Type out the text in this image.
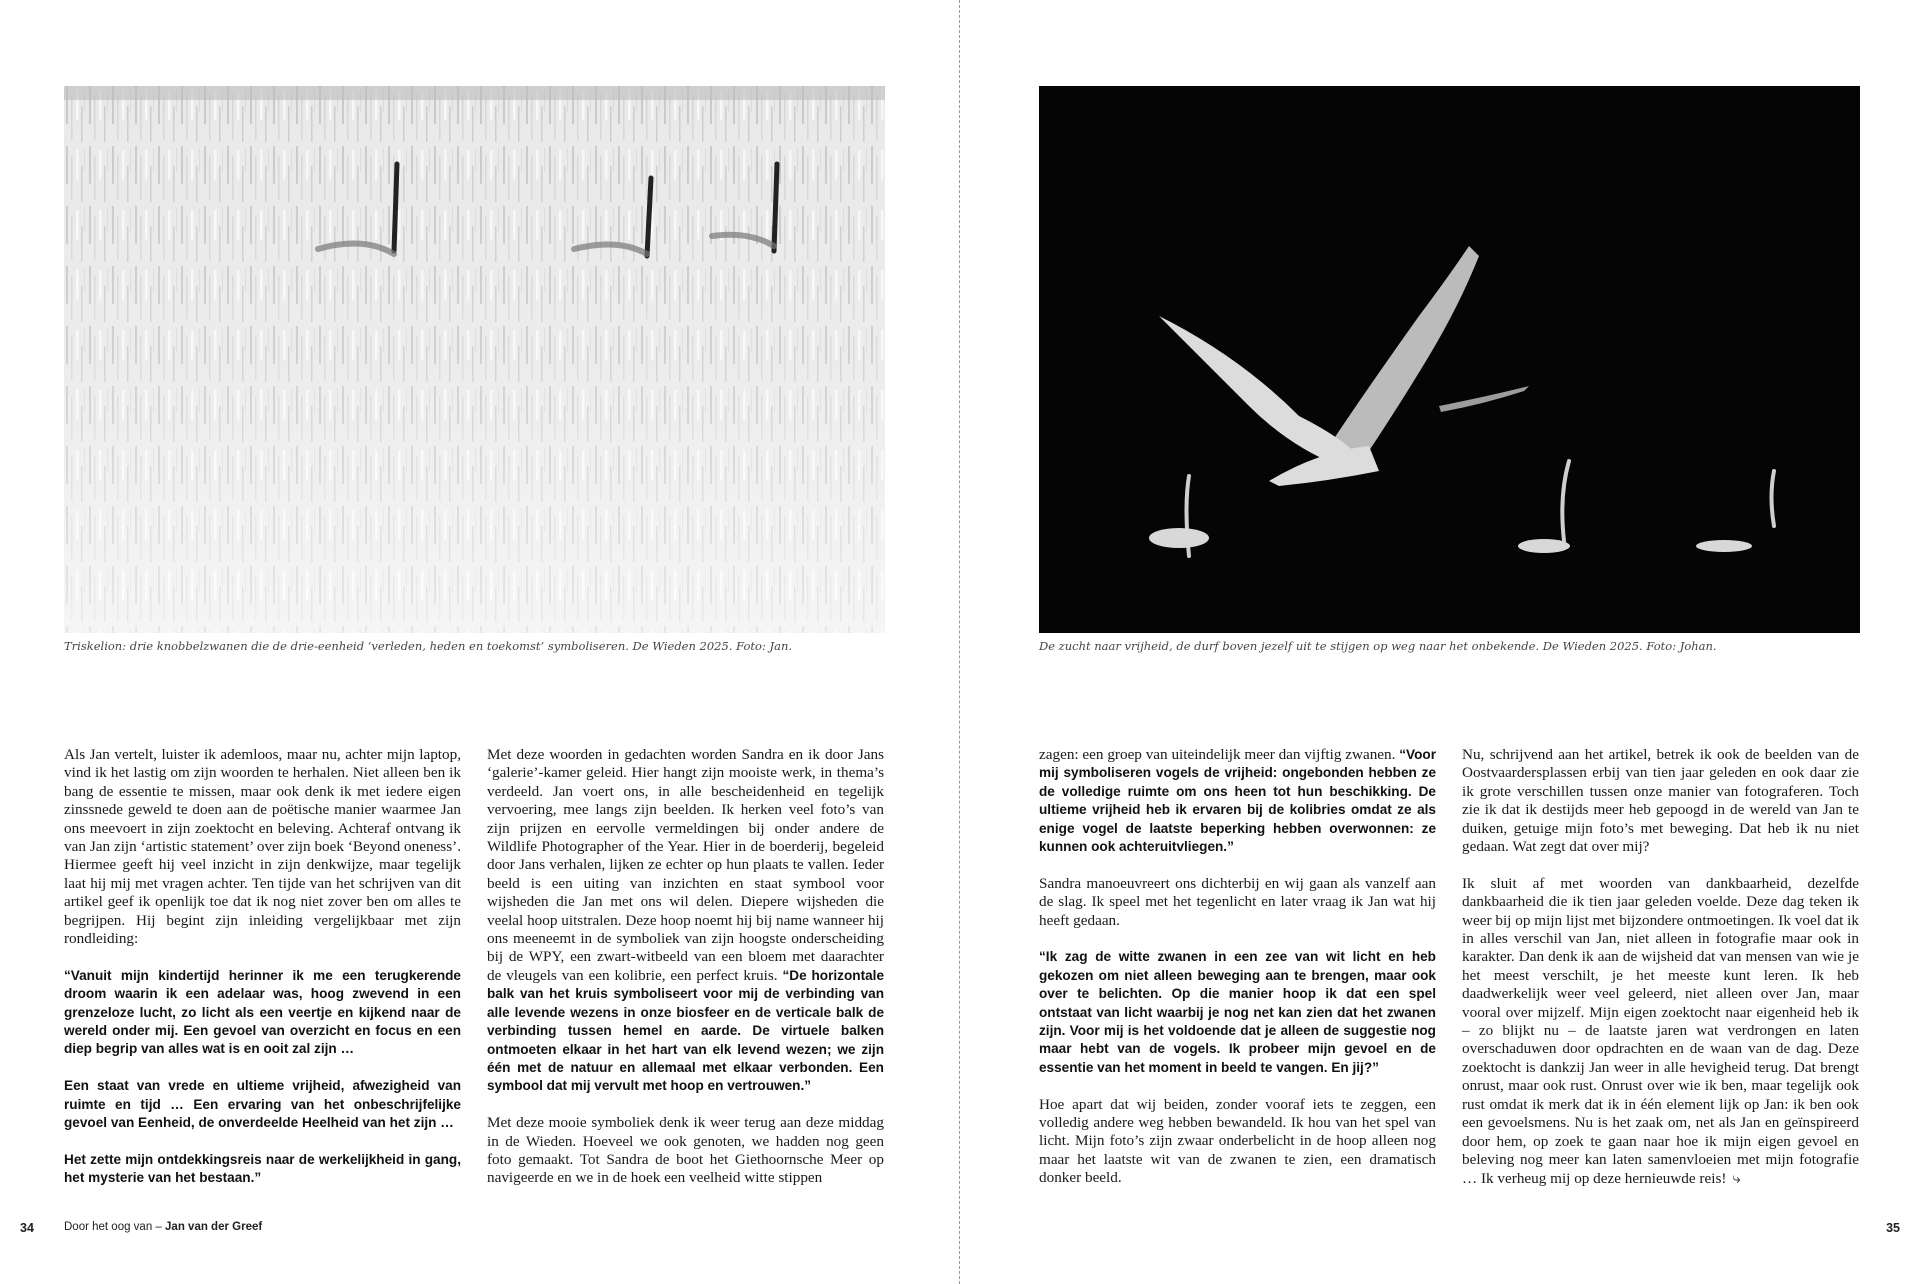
Triskelion: drie knobbelzwanen die de drie-eenheid ‘verleden, heden en toekomst’ symboliseren. De Wieden 2025. Foto: Jan.	De zucht naar vrijheid, de durf boven jezelf uit te stijgen op weg naar het onbekende. De Wieden 2025. Foto: Johan.

Als Jan vertelt, luister ik ademloos, maar nu, achter mijn laptop, vind ik het lastig om zijn woorden te herhalen. Niet alleen ben ik bang de essentie te missen, maar ook denk ik met iedere eigen zinssnede geweld te doen aan de poëtische manier waarmee Jan ons meevoert in zijn zoektocht en beleving. Achteraf ontvang ik van Jan zijn ‘artistic statement’ over zijn boek ‘Beyond oneness’. Hiermee geeft hij veel inzicht in zijn denkwijze, maar tegelijk laat hij mij met vragen achter. Ten tijde van het schrijven van dit artikel geef ik openlijk toe dat ik nog niet zover ben om alles te begrijpen. Hij begint zijn inleiding vergelijkbaar met zijn rondleiding:

“Vanuit mijn kindertijd herinner ik me een terugkerende droom waarin ik een adelaar was, hoog zwevend in een grenzeloze lucht, zo licht als een veertje en kijkend naar de wereld onder mij. Een gevoel van overzicht en focus en een diep begrip van alles wat is en ooit zal zijn …

Een staat van vrede en ultieme vrijheid, afwezigheid van ruimte en tijd … Een ervaring van het onbeschrijfelijke gevoel van Eenheid, de onverdeelde Heelheid van het zijn …

Het zette mijn ontdekkingsreis naar de werkelijkheid in gang, het mysterie van het bestaan.”

Met deze woorden in gedachten worden Sandra en ik door Jans ‘galerie’-kamer geleid. Hier hangt zijn mooiste werk, in thema’s verdeeld. Jan voert ons, in alle bescheidenheid en tegelijk vervoering, mee langs zijn beelden. Ik herken veel foto’s van zijn prijzen en eervolle vermeldingen bij onder andere de Wildlife Photographer of the Year. Hier in de boerderij, begeleid door Jans verhalen, lijken ze echter op hun plaats te vallen. Ieder beeld is een uiting van inzichten en staat symbool voor wijsheden die Jan met ons wil delen. Diepere wijsheden die veelal hoop uitstralen. Deze hoop noemt hij bij name wanneer hij ons meeneemt in de symboliek van zijn hoogste onderscheiding bij de WPY, een zwart-witbeeld van een bloem met daarachter de vleugels van een kolibrie, een perfect kruis. “De horizontale balk van het kruis symboliseert voor mij de verbinding van alle levende wezens in onze biosfeer en de verticale balk de verbinding tussen hemel en aarde. De virtuele balken ontmoeten elkaar in het hart van elk levend wezen; we zijn één met de natuur en allemaal met elkaar verbonden. Een symbool dat mij vervult met hoop en vertrouwen.”

Met deze mooie symboliek denk ik weer terug aan deze middag in de Wieden. Hoeveel we ook genoten, we hadden nog geen foto gemaakt. Tot Sandra de boot het Giethoornsche Meer op navigeerde en we in de hoek een veelheid witte stippen

zagen: een groep van uiteindelijk meer dan vijftig zwanen. “Voor mij symboliseren vogels de vrijheid: ongebonden hebben ze de volledige ruimte om ons heen tot hun beschikking. De ultieme vrijheid heb ik ervaren bij de kolibries omdat ze als enige vogel de laatste beperking hebben overwonnen: ze kunnen ook achteruitvliegen.”

Sandra manoeuvreert ons dichterbij en wij gaan als vanzelf aan de slag. Ik speel met het tegenlicht en later vraag ik Jan wat hij heeft gedaan.

“Ik zag de witte zwanen in een zee van wit licht en heb gekozen om niet alleen beweging aan te brengen, maar ook over te belichten. Op die manier hoop ik dat een spel ontstaat van licht waarbij je nog net kan zien dat het zwanen zijn. Voor mij is het voldoende dat je alleen de suggestie nog maar hebt van de vogels. Ik probeer mijn gevoel en de essentie van het moment in beeld te vangen. En jij?”

Hoe apart dat wij beiden, zonder vooraf iets te zeggen, een volledig andere weg hebben bewandeld. Ik hou van het spel van licht. Mijn foto’s zijn zwaar onderbelicht in de hoop alleen nog maar het laatste wit van de zwanen te zien, een dramatisch donker beeld.

Nu, schrijvend aan het artikel, betrek ik ook de beelden van de Oostvaardersplassen erbij van tien jaar geleden en ook daar zie ik grote verschillen tussen onze manier van fotograferen. Toch zie ik dat ik destijds meer heb gepoogd in de wereld van Jan te duiken, getuige mijn foto’s met beweging. Dat heb ik nu niet gedaan. Wat zegt dat over mij?

Ik sluit af met woorden van dankbaarheid, dezelfde dankbaarheid die ik tien jaar geleden voelde. Deze dag teken ik weer bij op mijn lijst met bijzondere ontmoetingen. Ik voel dat ik in alles verschil van Jan, niet alleen in fotografie maar ook in karakter. Dan denk ik aan de wijsheid dat van mensen van wie je het meest verschilt, je het meeste kunt leren. Ik heb daadwerkelijk weer veel geleerd, niet alleen over Jan, maar vooral over mijzelf. Mijn eigen zoektocht naar eigenheid heb ik – zo blijkt nu – de laatste jaren wat verdrongen en laten overschaduwen door opdrachten en de waan van de dag. Deze zoektocht is dankzij Jan weer in alle hevigheid terug. Dat brengt onrust, maar ook rust. Onrust over wie ik ben, maar tegelijk ook rust omdat ik merk dat ik in één element lijk op Jan: ik ben ook een gevoelsmens. Nu is het zaak om, net als Jan en geïnspireerd door hem, op zoek te gaan naar hoe ik mijn eigen gevoel en beleving nog meer kan laten samenvloeien met mijn fotografie … Ik verheug mij op deze hernieuwde reis! ⤷

34	Door het oog van – Jan van der Greef	35
